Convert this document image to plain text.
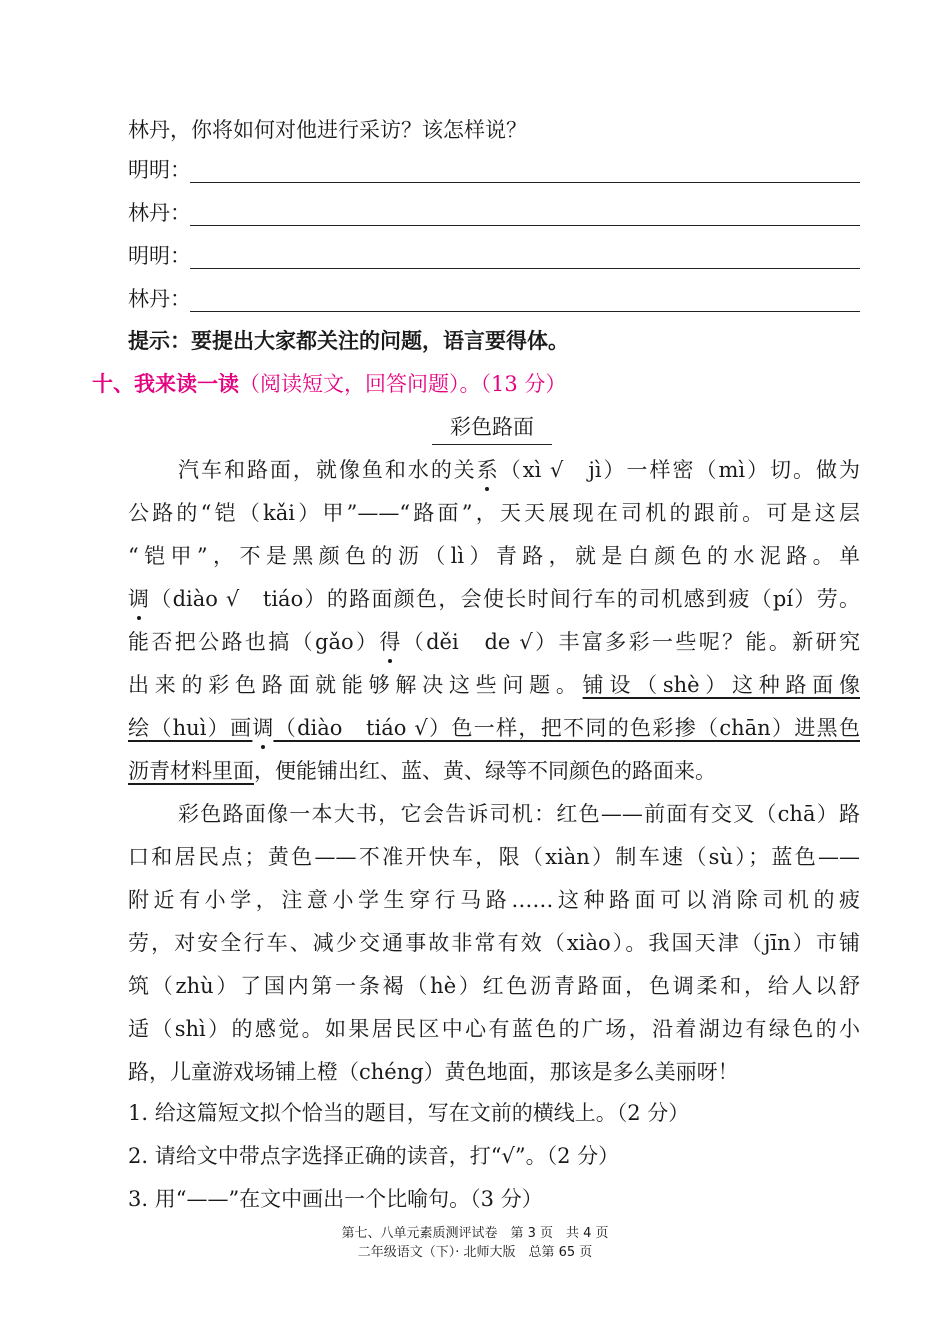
林丹，你将如何对他进行采访？该怎样说？
明明：
林丹：
明明：
林丹：
提示：要提出大家都关注的问题，语言要得体。
十、我来读一读（阅读短文，回答问题）。（13 分）
彩色路面
汽车和路面，就像鱼和水的关系（xì √　jì）一样密（mì）切。做为
公路的“铠（kǎi）甲”——“路面”，天天展现在司机的跟前。可是这层
“铠甲”，不是黑颜色的沥（lì）青路，就是白颜色的水泥路。单
调（diào √　tiáo）的路面颜色，会使长时间行车的司机感到疲（pí）劳。
能否把公路也搞（gǎo）得（děi　de √）丰富多彩一些呢？能。新研究
出来的彩色路面就能够解决这些问题。铺设（shè）这种路面像
绘（huì）画调（diào　tiáo √）色一样，把不同的色彩掺（chān）进黑色
沥青材料里面，便能铺出红、蓝、黄、绿等不同颜色的路面来。
彩色路面像一本大书，它会告诉司机：红色——前面有交叉（chā）路
口和居民点；黄色——不准开快车，限（xiàn）制车速（sù）；蓝色——
附近有小学，注意小学生穿行马路……这种路面可以消除司机的疲
劳，对安全行车、减少交通事故非常有效（xiào）。我国天津（jīn）市铺
筑（zhù）了国内第一条褐（hè）红色沥青路面，色调柔和，给人以舒
适（shì）的感觉。如果居民区中心有蓝色的广场，沿着湖边有绿色的小
路，儿童游戏场铺上橙（chéng）黄色地面，那该是多么美丽呀！
1. 给这篇短文拟个恰当的题目，写在文前的横线上。（2 分）
2. 请给文中带点字选择正确的读音，打“√”。（2 分）
3. 用“——”在文中画出一个比喻句。（3 分）
第七、八单元素质测评试卷　第 3 页　共 4 页
二年级语文（下）· 北师大版　总第 65 页
